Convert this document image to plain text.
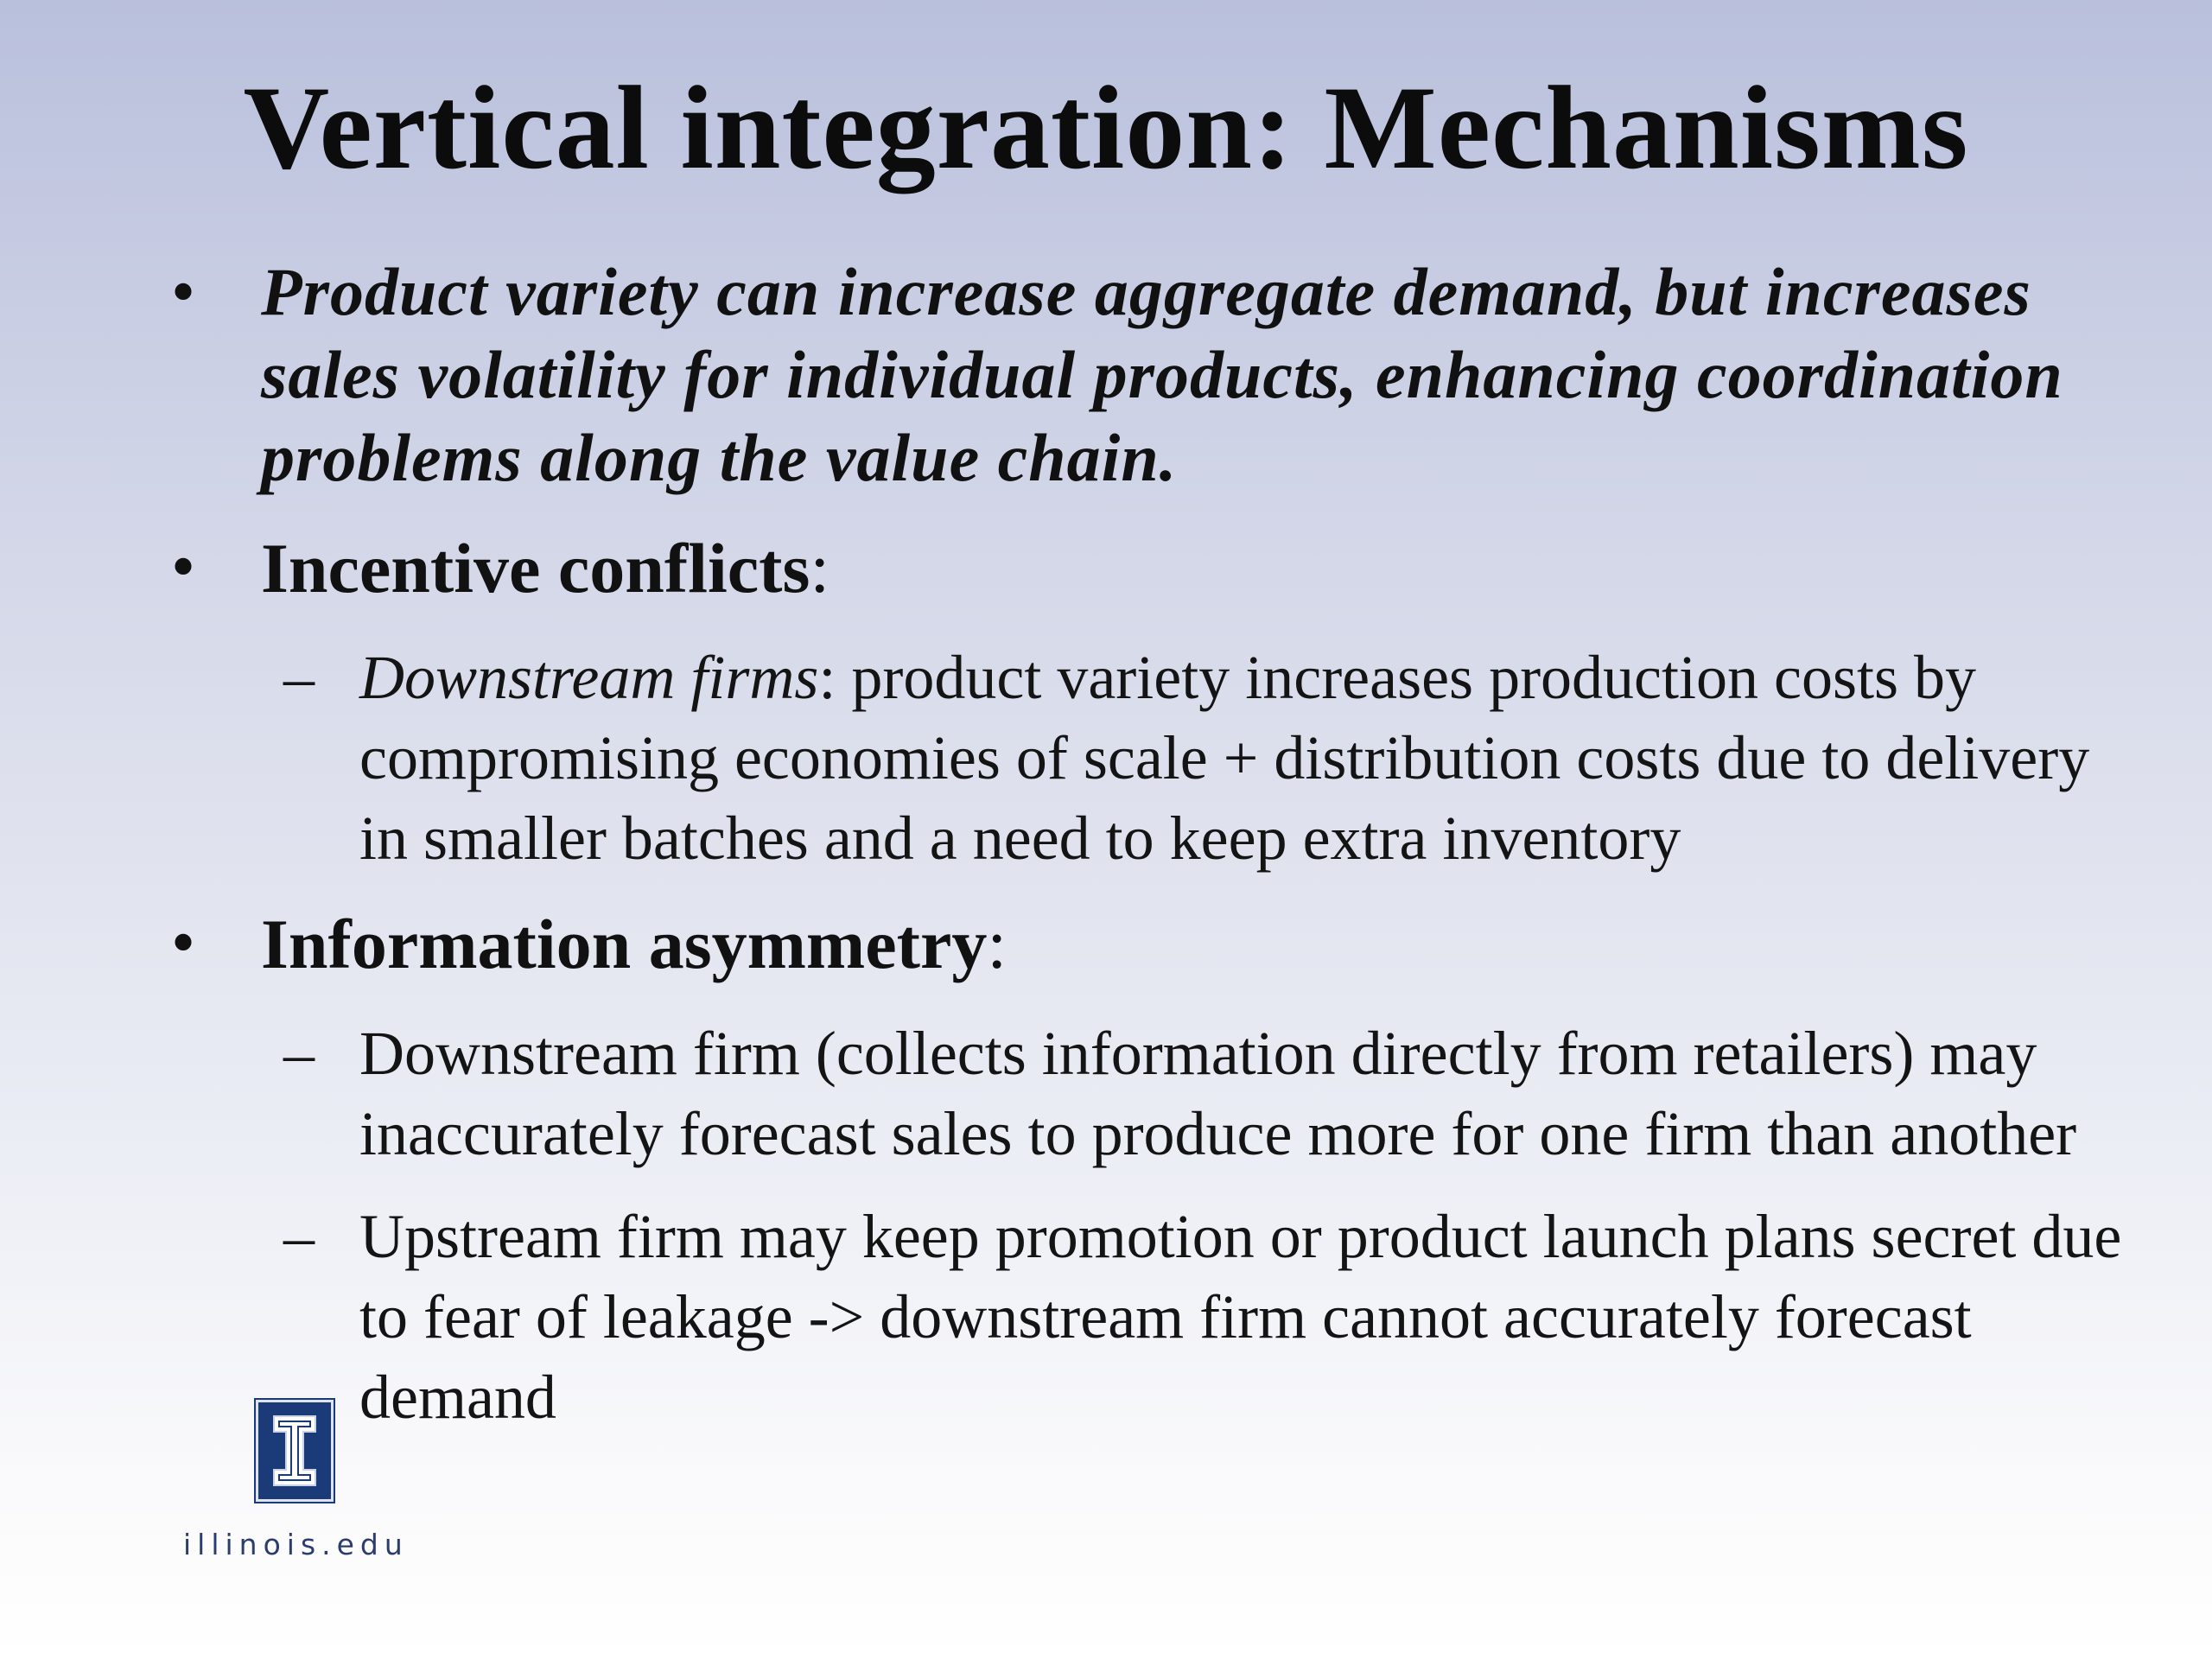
Vertical integration: Mechanisms
• Product variety can increase aggregate demand, but increases sales volatility for individual products, enhancing coordination problems along the value chain.
• Incentive conflicts:
– Downstream firms: product variety increases production costs by compromising economies of scale + distribution costs due to delivery in smaller batches and a need to keep extra inventory
• Information asymmetry:
– Downstream firm (collects information directly from retailers) may inaccurately forecast sales to produce more for one firm than another
– Upstream firm may keep promotion or product launch plans secret due to fear of leakage -> downstream firm cannot accurately forecast demand
illinois.edu
